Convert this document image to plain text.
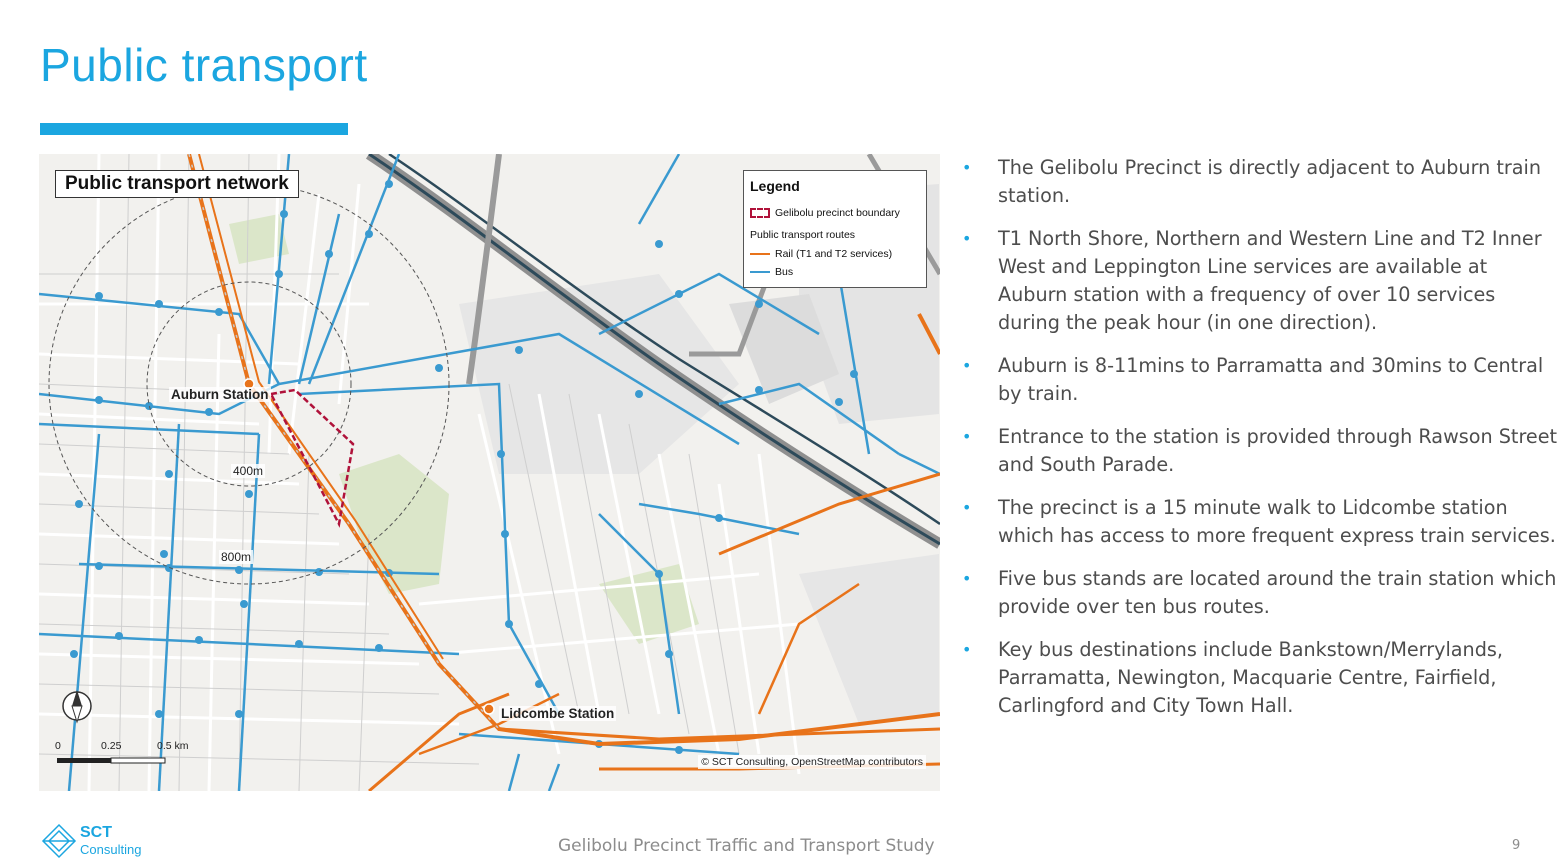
Public transport
Public transport network	Legend
Gelibolu precinct boundary
Public transport routes
Rail (T1 and T2 services)
Bus
Auburn Station
Lidcombe Station
400m
800m
0	0.25	0.5 km
© SCT Consulting, OpenStreetMap contributors
• The Gelibolu Precinct is directly adjacent to Auburn train station.
• T1 North Shore, Northern and Western Line and T2 Inner West and Leppington Line services are available at Auburn station with a frequency of over 10 services during the peak hour (in one direction).
• Auburn is 8-11mins to Parramatta and 30mins to Central by train.
• Entrance to the station is provided through Rawson Street and South Parade.
• The precinct is a 15 minute walk to Lidcombe station which has access to more frequent express train services.
• Five bus stands are located around the train station which provide over ten bus routes.
• Key bus destinations include Bankstown/Merrylands, Parramatta, Newington, Macquarie Centre, Fairfield, Carlingford and City Town Hall.
SCT
Consulting	Gelibolu Precinct Traffic and Transport Study	9
